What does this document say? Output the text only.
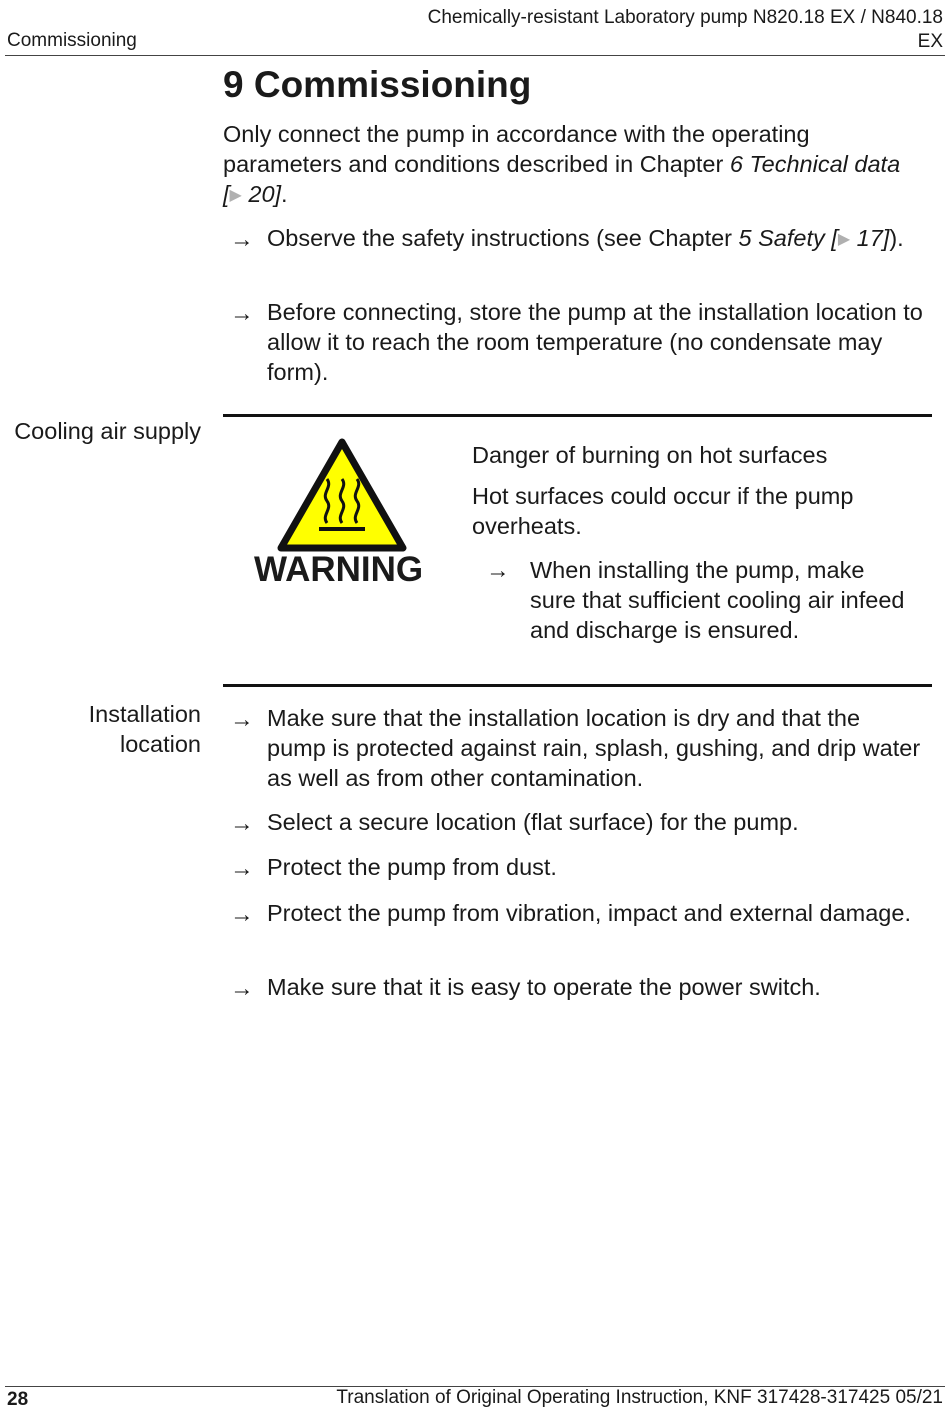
Chemically-resistant Laboratory pump N820.18 EX / N840.18
EX
Commissioning
9 Commissioning

Only connect the pump in accordance with the operating parameters and conditions described in Chapter 6 Technical data [▶ 20].

→ Observe the safety instructions (see Chapter 5 Safety [▶ 17]).
→ Before connecting, store the pump at the installation location to allow it to reach the room temperature (no condensate may form).
Cooling air supply
WARNING
Danger of burning on hot surfaces
Hot surfaces could occur if the pump overheats.
→ When installing the pump, make sure that sufficient cooling air infeed and discharge is ensured.
Installation location
→ Make sure that the installation location is dry and that the pump is protected against rain, splash, gushing, and drip water as well as from other contamination.
→ Select a secure location (flat surface) for the pump.
→ Protect the pump from dust.
→ Protect the pump from vibration, impact and external damage.
→ Make sure that it is easy to operate the power switch.
28	Translation of Original Operating Instruction, KNF 317428-317425 05/21
